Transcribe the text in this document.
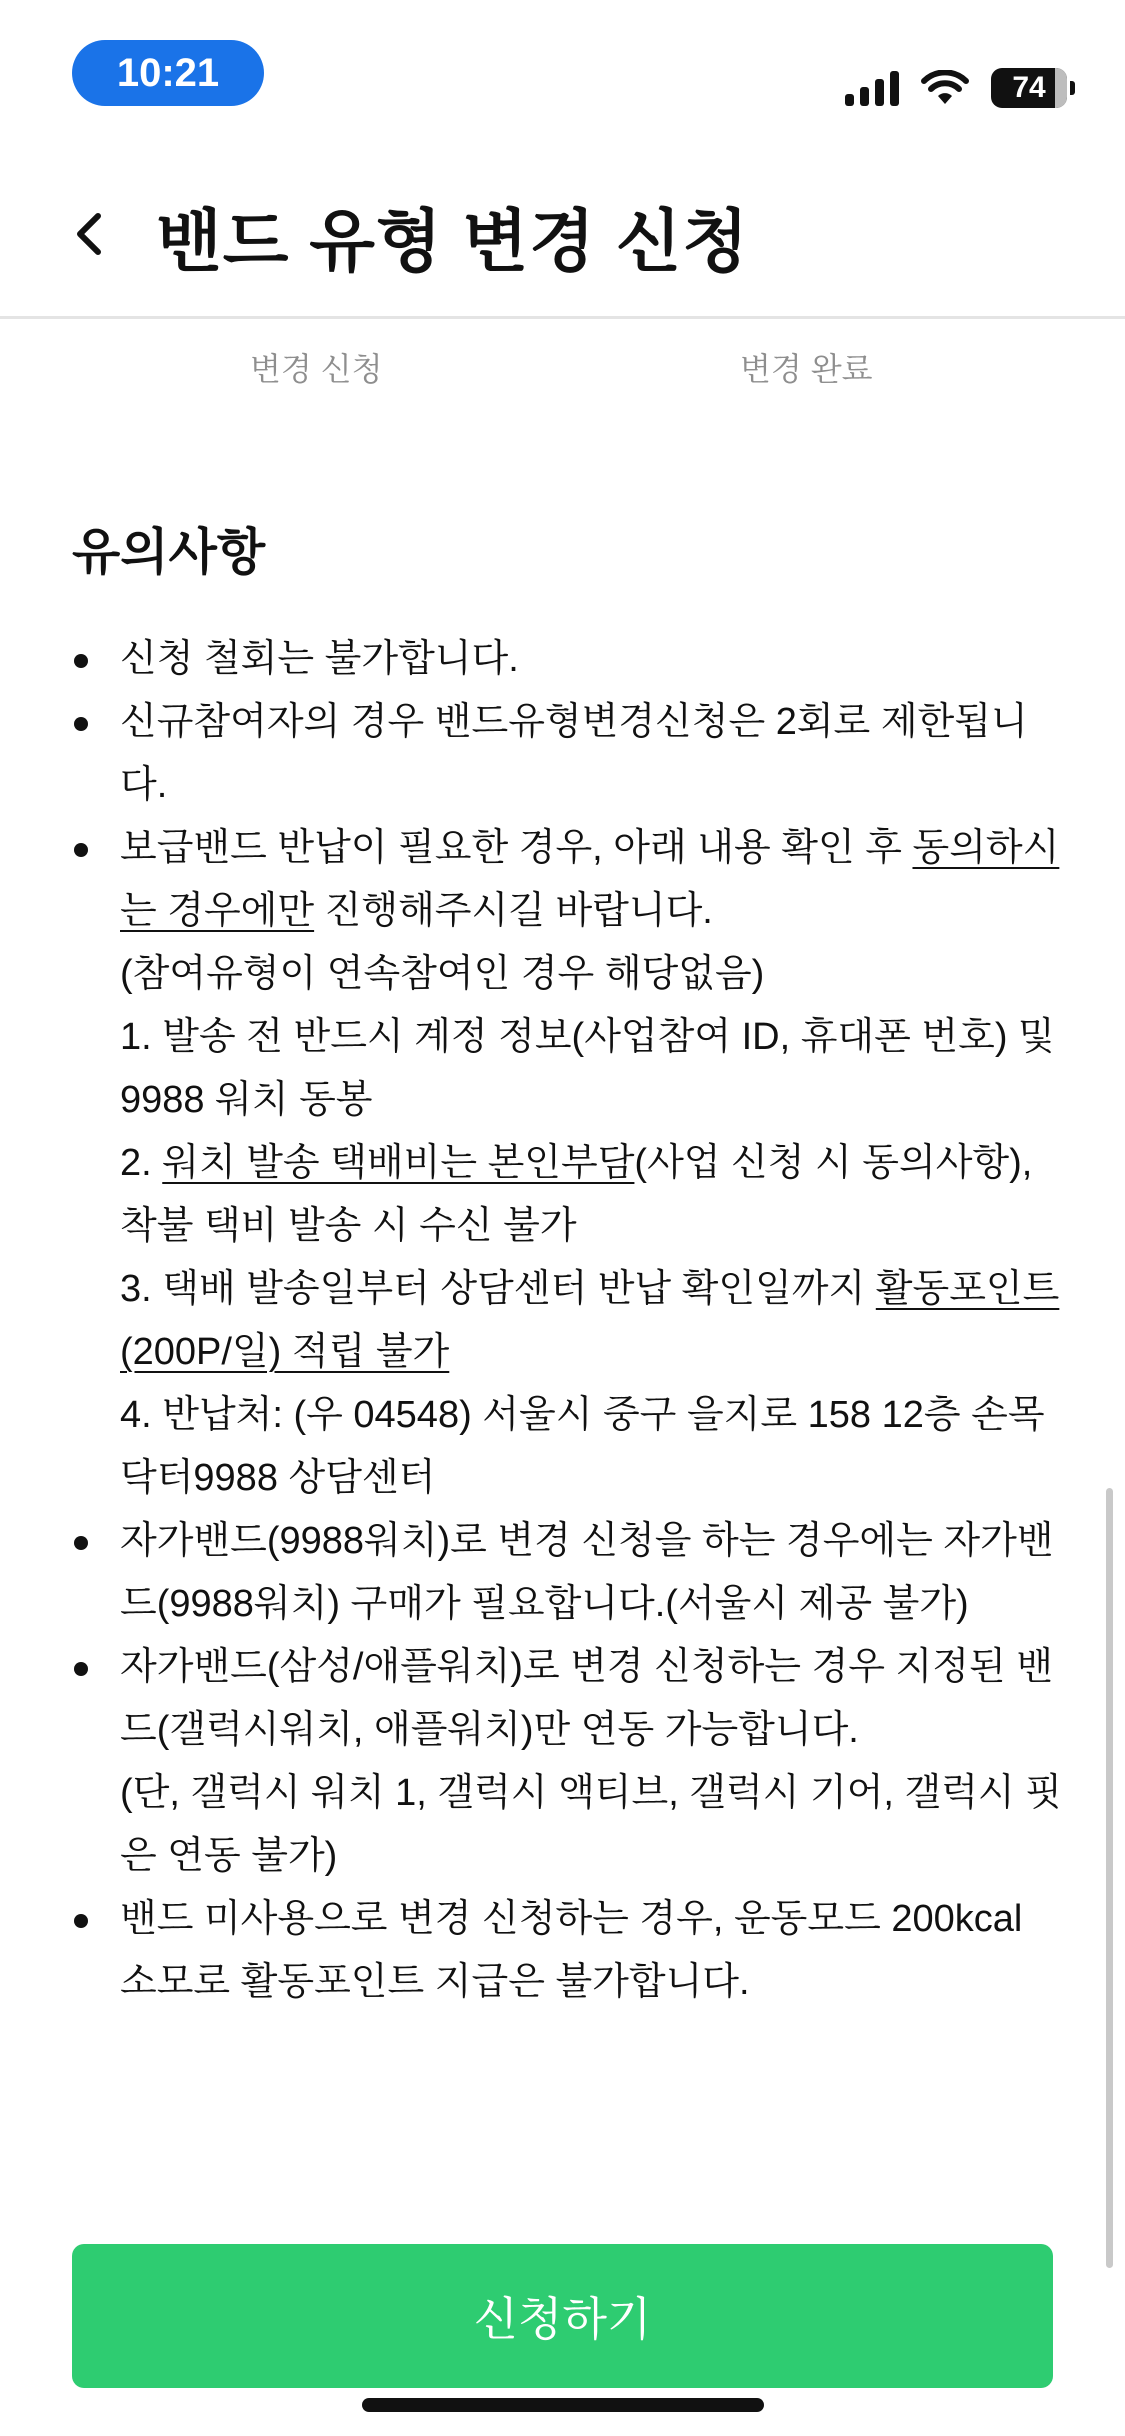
10:21	74
밴드 유형 변경 신청
변경 신청	변경 완료
유의사항
신청 철회는 불가합니다.
신규참여자의 경우 밴드유형변경신청은 2회로 제한됩니다.
보급밴드 반납이 필요한 경우, 아래 내용 확인 후 동의하시는 경우에만 진행해주시길 바랍니다.
(참여유형이 연속참여인 경우 해당없음)
1. 발송 전 반드시 계정 정보(사업참여 ID, 휴대폰 번호) 및 9988 워치 동봉
2. 워치 발송 택배비는 본인부담(사업 신청 시 동의사항), 착불 택비 발송 시 수신 불가
3. 택배 발송일부터 상담센터 반납 확인일까지 활동포인트(200P/일) 적립 불가
4. 반납처: (우 04548) 서울시 중구 을지로 158 12층 손목닥터9988 상담센터
자가밴드(9988워치)로 변경 신청을 하는 경우에는 자가밴드(9988워치) 구매가 필요합니다.(서울시 제공 불가)
자가밴드(삼성/애플워치)로 변경 신청하는 경우 지정된 밴드(갤럭시워치, 애플워치)만 연동 가능합니다.
(단, 갤럭시 워치 1, 갤럭시 액티브, 갤럭시 기어, 갤럭시 핏은 연동 불가)
밴드 미사용으로 변경 신청하는 경우, 운동모드 200kcal 소모로 활동포인트 지급은 불가합니다.
신청하기
